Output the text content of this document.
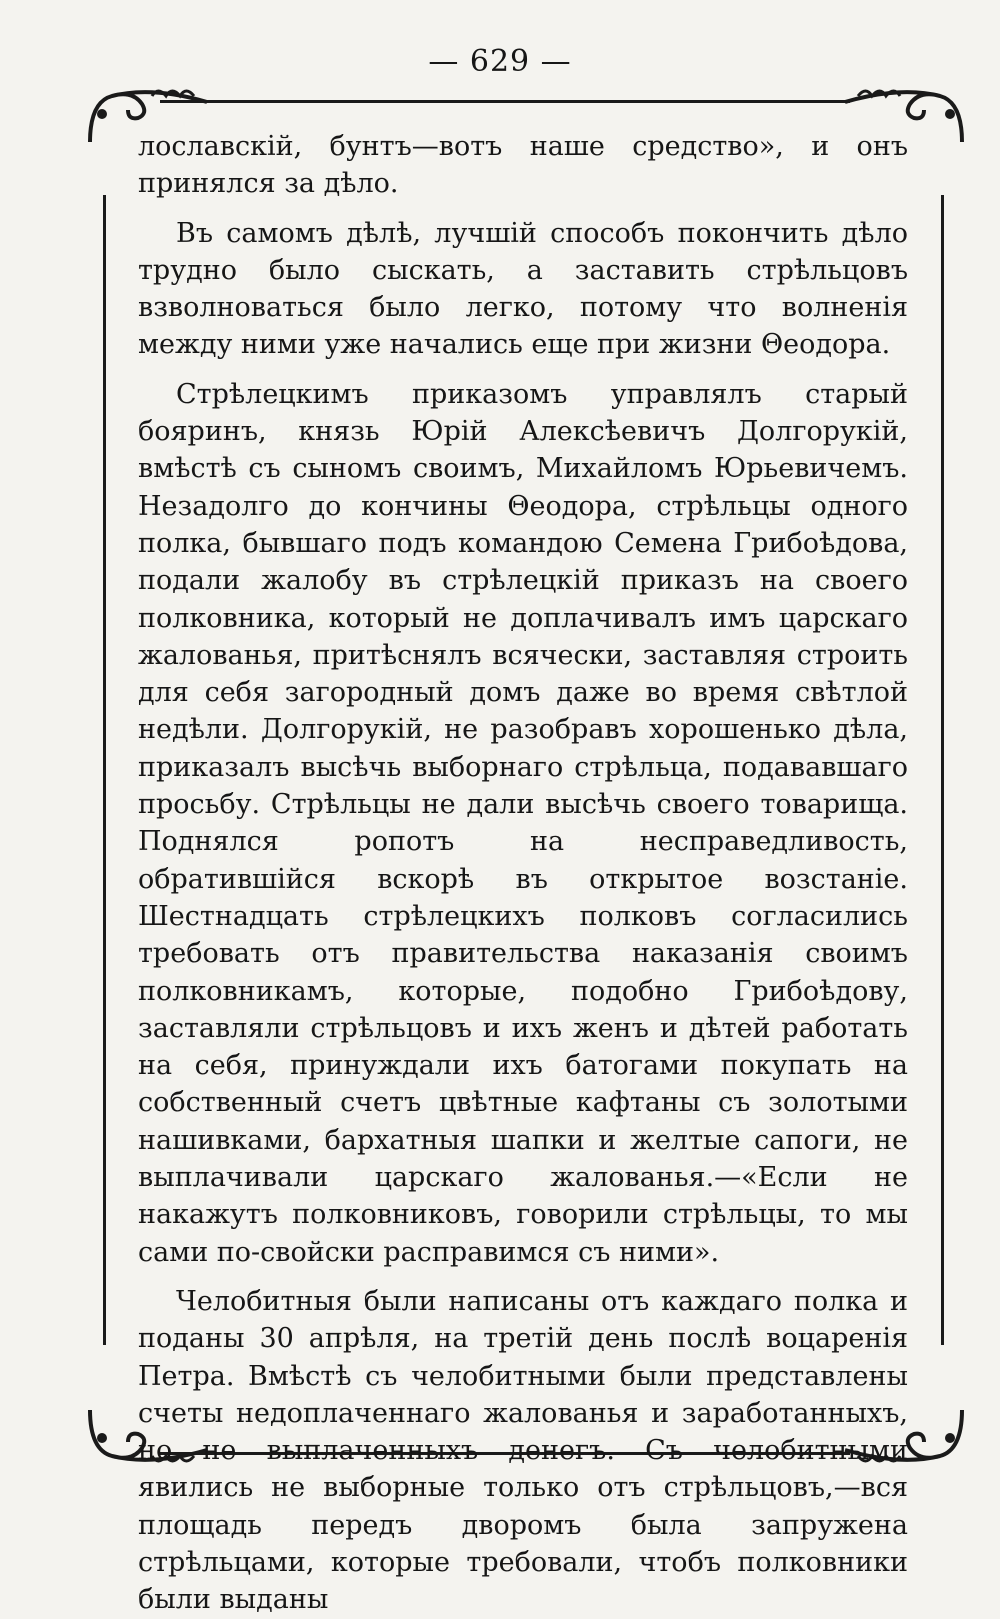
— 629 —

лославскій, бунтъ—вотъ наше средство», и онъ принялся за дѣло.

Въ самомъ дѣлѣ, лучшій способъ покончить дѣло трудно было сыскать, а заставить стрѣльцовъ взволноваться было легко, потому что волненія между ними уже начались еще при жизни Θеодора.

Стрѣлецкимъ приказомъ управлялъ старый бояринъ, князь Юрій Алексѣевичъ Долгорукій, вмѣстѣ съ сыномъ своимъ, Михайломъ Юрьевичемъ. Незадолго до кончины Θеодора, стрѣльцы одного полка, бывшаго подъ командою Семена Грибоѣдова, подали жалобу въ стрѣлецкій приказъ на своего полковника, который не доплачивалъ имъ царскаго жалованья, притѣснялъ всячески, заставляя строить для себя загородный домъ даже во время свѣтлой недѣли. Долгорукій, не разобравъ хорошенько дѣла, приказалъ высѣчь выборнаго стрѣльца, подававшаго просьбу. Стрѣльцы не дали высѣчь своего товарища. Поднялся ропотъ на несправедливость, обратившійся вскорѣ въ открытое возстаніе. Шестнадцать стрѣлецкихъ полковъ согласились требовать отъ правительства наказанія своимъ полковникамъ, которые, подобно Грибоѣдову, заставляли стрѣльцовъ и ихъ женъ и дѣтей работать на себя, принуждали ихъ батогами покупать на собственный счетъ цвѣтные кафтаны съ золотыми нашивками, бархатныя шапки и желтые сапоги, не выплачивали царскаго жалованья.—«Если не накажутъ полковниковъ, говорили стрѣльцы, то мы сами по-свойски расправимся съ ними».

Челобитныя были написаны отъ каждаго полка и поданы 30 апрѣля, на третій день послѣ воцаренія Петра. Вмѣстѣ съ челобитными были представлены счеты недоплаченнаго жалованья и заработанныхъ, но не выплаченныхъ денегъ. Съ челобитными явились не выборные только отъ стрѣльцовъ,—вся площадь передъ дворомъ была запружена стрѣльцами, которые требовали, чтобъ полковники были выданы
